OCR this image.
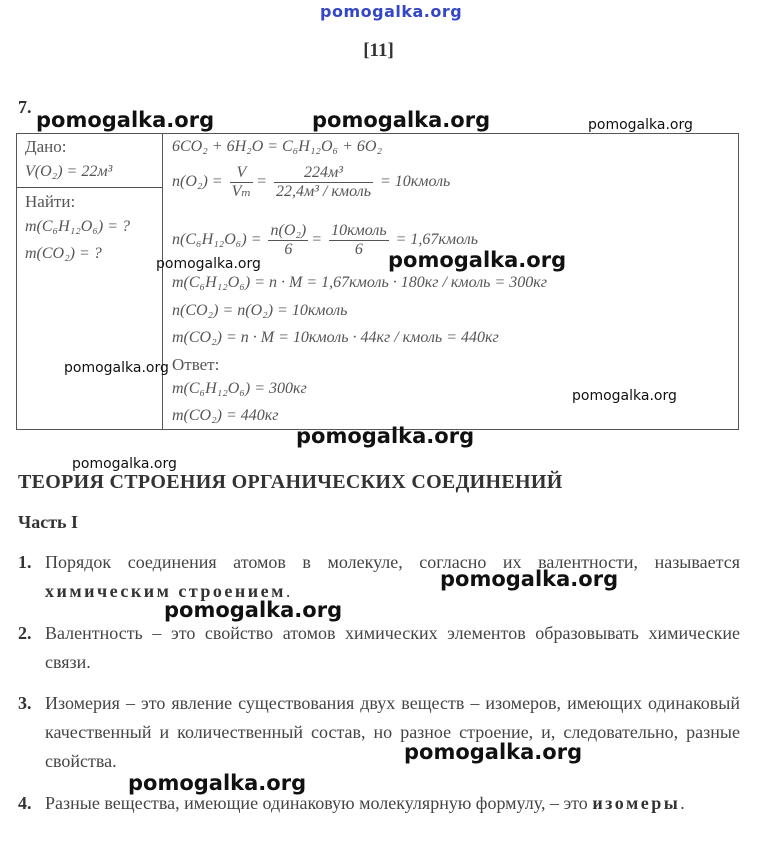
pomogalka.org
[11]
7.
Дано:
V(O₂) = 22м³
Найти:
m(C₆H₁₂O₆) = ?
m(CO₂) = ?
6CO₂ + 6H₂O = C₆H₁₂O₆ + 6O₂
$n(O_2) = \frac{V}{\text{Vₘ}} = \frac{\text{224м³}}{\text{22,4м³ / кмоль}}$ = 10кмоль
$n(C_6H_{12}O_6) = \frac{\text{n(O₂)}}{6} = \frac{\text{10кмоль}}{6}$ = 1,67кмоль
m(C₆H₁₂O₆) = n · M = 1,67кмоль · 180кг / кмоль = 300кг
n(CO₂) = n(O₂) = 10кмоль
m(CO₂) = n · M = 10кмоль · 44кг / кмоль = 440кг
Ответ:
m(C₆H₁₂O₆) = 300кг
m(CO₂) = 440кг
ТЕОРИЯ СТРОЕНИЯ ОРГАНИЧЕСКИХ СОЕДИНЕНИЙ
Часть I
1. Порядок соединения атомов в молекуле, согласно их валентности, называется химическим строением.
2. Валентность – это свойство атомов химических элементов образовывать химические связи.
3. Изомерия – это явление существования двух веществ – изомеров, имеющих одинаковый качественный и количественный состав, но разное строение, и, следовательно, разные свойства.
4. Разные вещества, имеющие одинаковую молекулярную формулу, – это изомеры.
pomogalka.org	pomogalka.org	pomogalka.org
pomogalka.org	pomogalka.org
pomogalka.org
pomogalka.org
pomogalka.org
pomogalka.org
pomogalka.org
pomogalka.org
pomogalka.org
pomogalka.org
